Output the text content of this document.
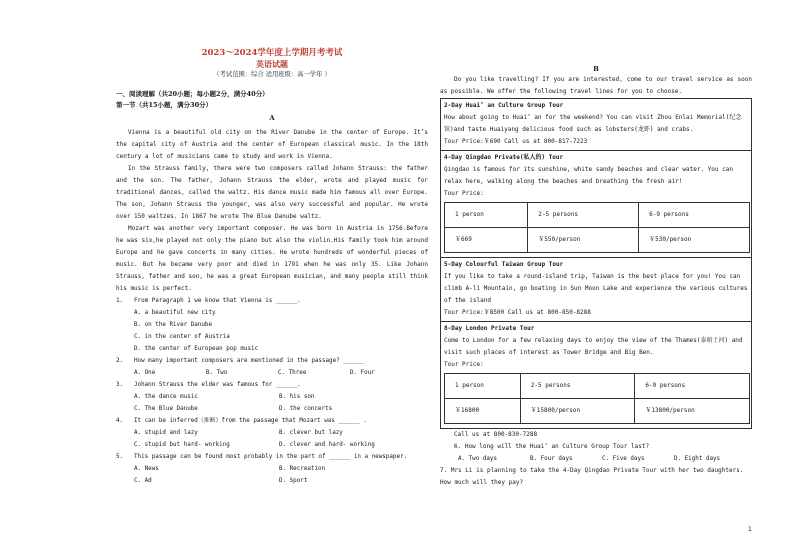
2023～2024学年度上学期月考考试
英语试题
（考试范围：综合 适用班级：高一学年 ）
一、阅读理解（共20小题；每小题2分，满分40分）
第一节（共15小题，满分30分）
A
Vienna is a beautiful old city on the River Danube in the center of Europe. It’s the capital city of Austria and the center of European classical music. In the 18th century a lot of musicians came to study and work in Vienna.
In the Strauss family, there were two composers called Johann Strauss: the father and the son. The father, Johann Strauss the elder, wrote and played music for traditional dances, called the waltz. His dance music made him famous all over Europe. The son, Johann Strauss the younger, was also very successful and popular. He wrote over 150 waltzes. In 1867 he wrote The Blue Danube waltz.
Mozart was another very important composer. He was born in Austria in 1756.Before he was six,he played not only the piano but also the violin.His family took him around Europe and he gave concerts in many cities. He wrote hundreds of wonderful pieces of music. But he became very poor and died in 1791 when he was only 35. Like Johann Strauss, father and son, he was a great European musician, and many people still think his music is perfect.
1. From Paragraph 1 we know that Vienna is ______.
A. a beautiful new city
B. on the River Danube
C. in the center of Austria
D. the center of European pop music
2. How many important composers are mentioned in the passage? ______
A. One	B. Two	C. Three	D. Four
3. Johann Strauss the elder was famous for ______.
A. the dance music	B. his son
C. The Blue Danube	D. the concerts
4. It can be inferred（推断）from the passage that Mozart was ______ .
A. stupid and lazy	B. clever but lazy
C. stupid but hard- working	D. clever and hard- working
5. This passage can be found most probably in the part of ______ in a newspaper.
A. News	B. Recreation
C. Ad	D. Sport
B
Do you like travelling? If you are interested, come to our travel service as soon as possible. We offer the following travel lines for you to choose.
2-Day Huai’ an Culture Group Tour
How about going to Huai’ an for the weekend? You can visit Zhou Enlai Memorial(纪念馆)and taste Huaiyang delicious food such as lobsters(龙虾) and crabs.
Tour Price:￥690 Call us at 800-817-7223
4-Day Qingdao Private(私人的) Tour
Qingdao is famous for its sunshine, white sandy beaches and clear water. You can relax here, walking along the beaches and breathing the fresh air!
Tour Price:
1 person	2-5 persons	6-9 persons
￥669	￥550/person	￥530/person
5-Day Colourful Taiwan Group Tour
If you like to take a round-island trip, Taiwan is the best place for you! You can climb A-li Mountain, go boating in Sun Moon Lake and experience the various cultures of the island
Tour Price:￥8500 Call us at 800-850-8288
8-Day London Private Tour
Come to London for a few relaxing days to enjoy the view of the Thames(泰晤士河) and visit such places of interest as Tower Bridge and Big Ben.
Tour Price:
1 person	2-5 persons	6-9 persons
￥16800	￥15800/person	￥13800/person
Call us at 800-830-7288
6. How long will the Huai’ an Culture Group Tour last?
A. Two days	B. Four days	C. Five days	D. Eight days
7. Mrs Li is planning to take the 4-Day Qingdao Private Tour with her two daughters. How much will they pay?
1
